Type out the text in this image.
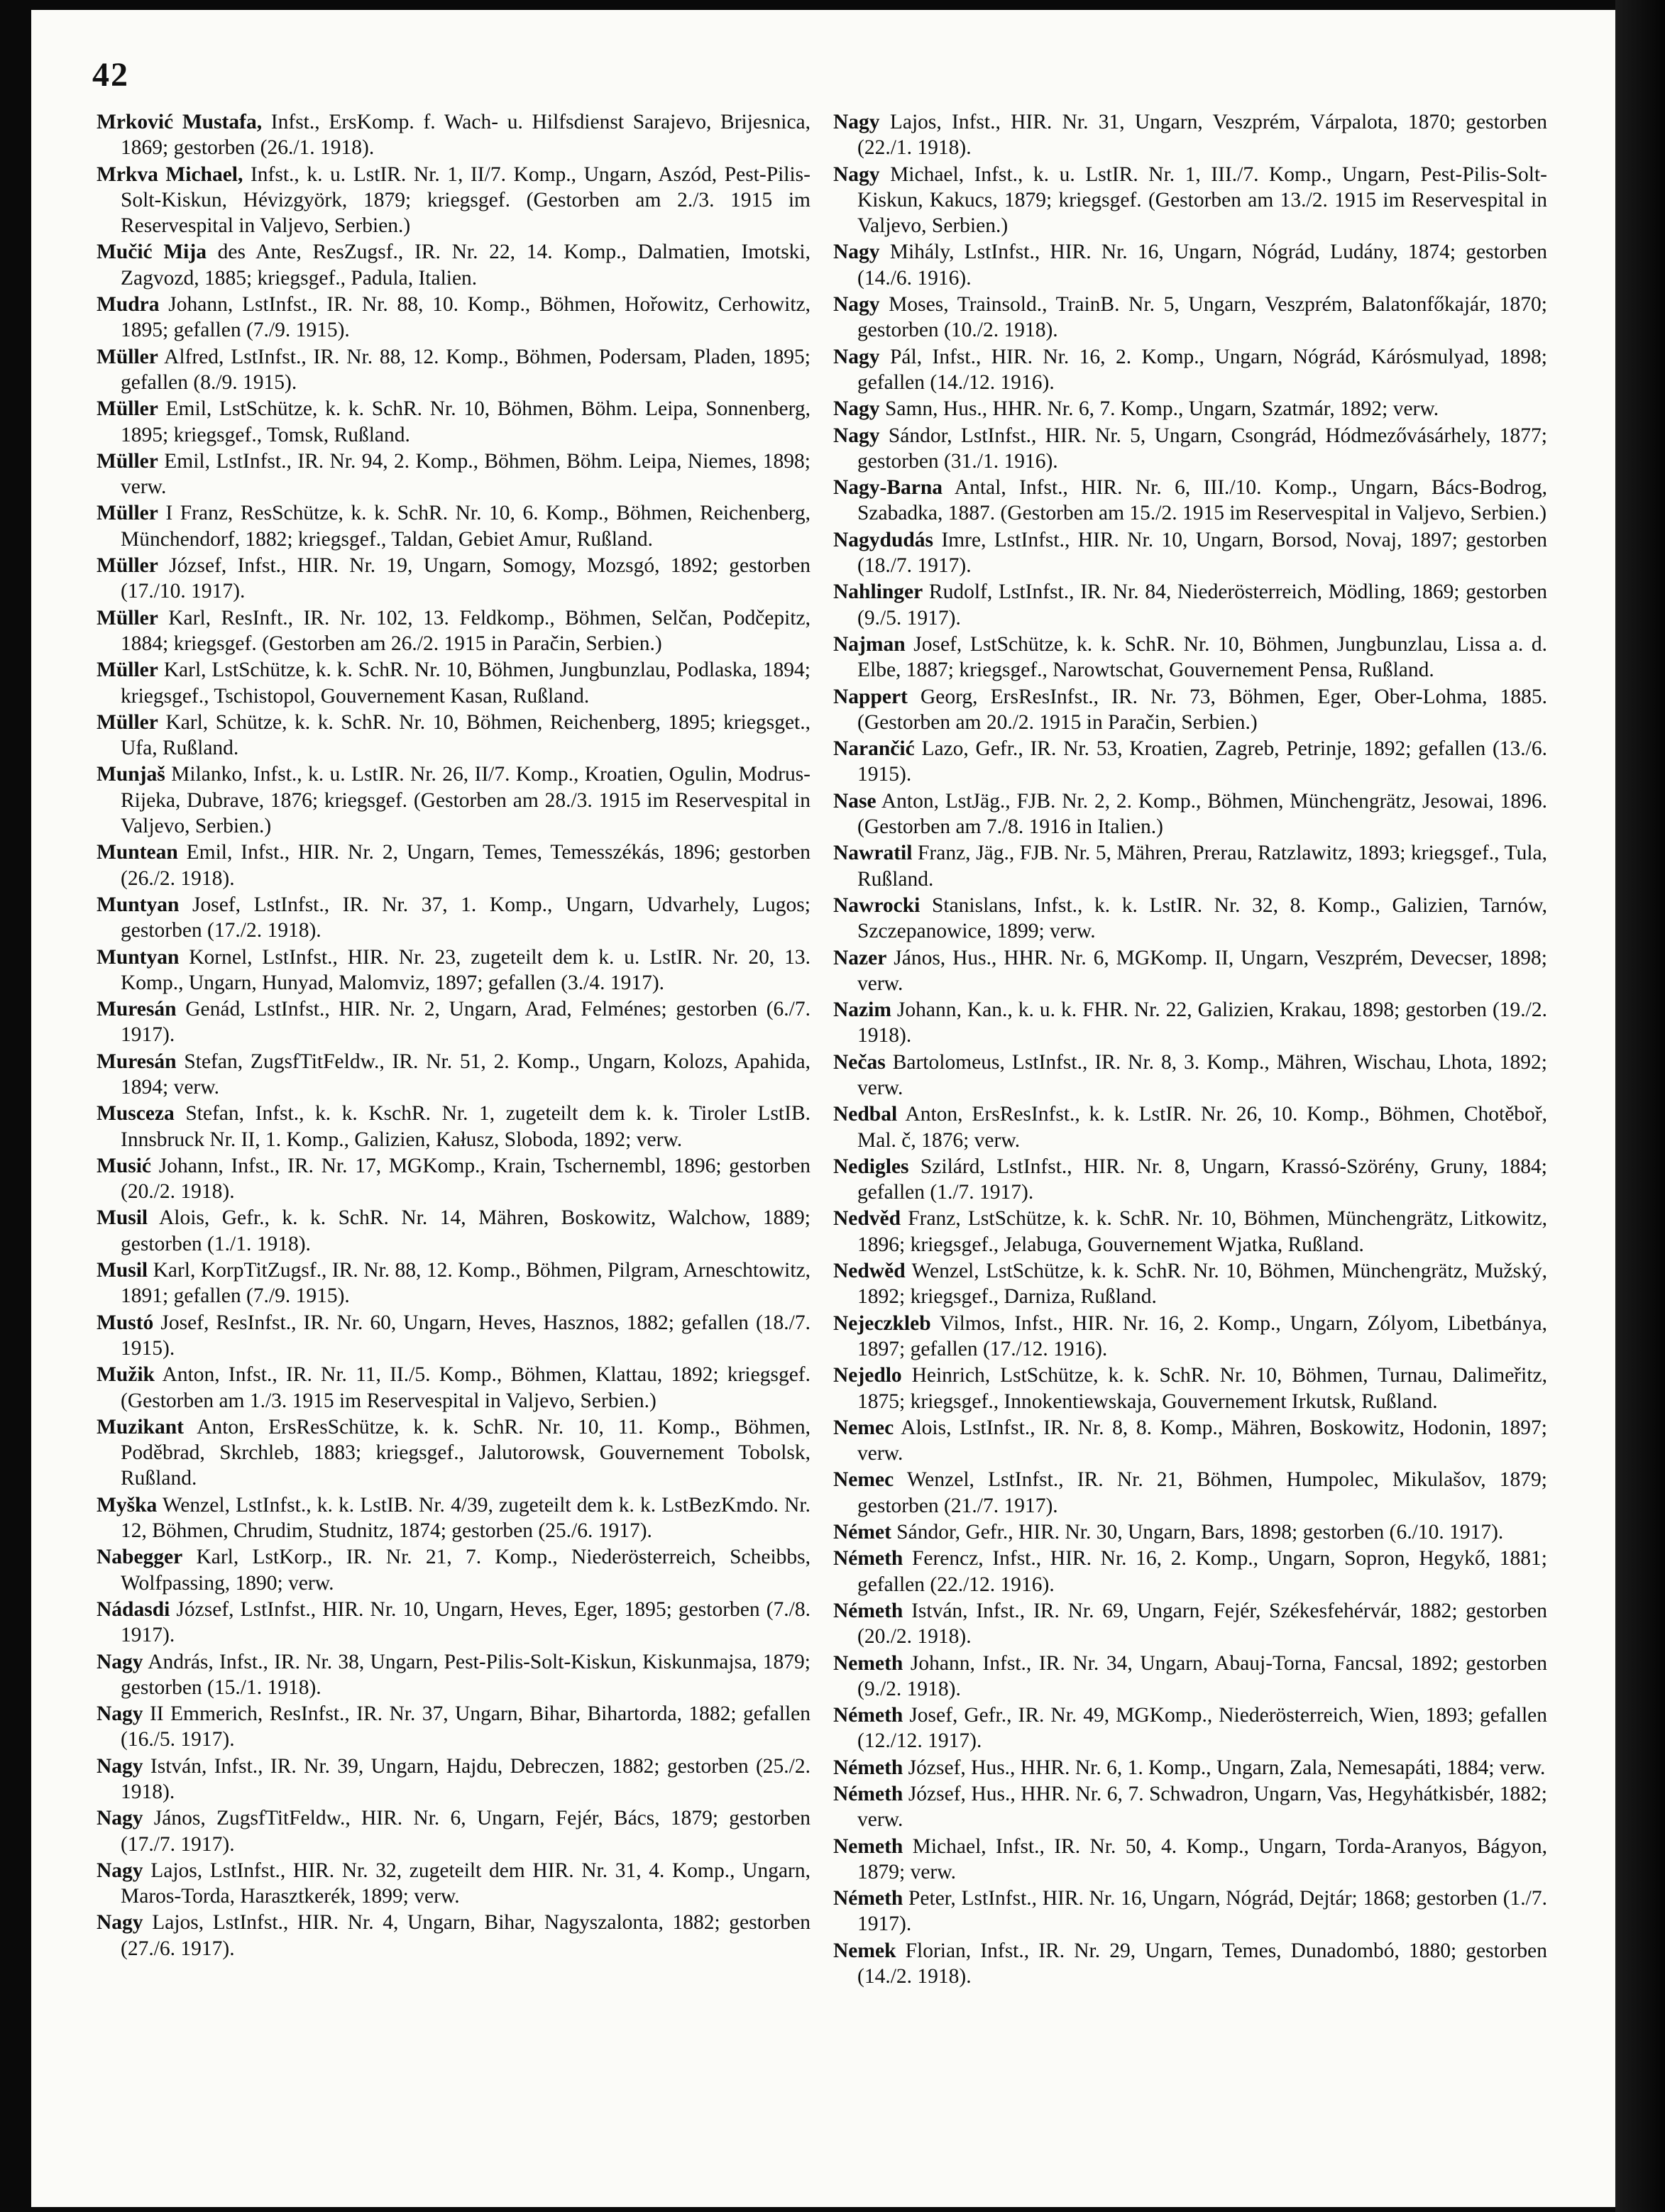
42

Mrković Mustafa, Infst., ErsKomp. f. Wach- u. Hilfsdienst Sarajevo, Brijesnica, 1869; gestorben (26./1. 1918).

Mrkva Michael, Infst., k. u. LstIR. Nr. 1, II/7. Komp., Ungarn, Aszód, Pest-Pilis-Solt-Kiskun, Hévizgyörk, 1879; kriegsgef. (Gestorben am 2./3. 1915 im Reservespital in Valjevo, Serbien.)

Mučić Mija des Ante, ResZugsf., IR. Nr. 22, 14. Komp., Dalmatien, Imotski, Zagvozd, 1885; kriegsgef., Padula, Italien.

Mudra Johann, LstInfst., IR. Nr. 88, 10. Komp., Böhmen, Hořowitz, Cerhowitz, 1895; gefallen (7./9. 1915).

Müller Alfred, LstInfst., IR. Nr. 88, 12. Komp., Böhmen, Podersam, Pladen, 1895; gefallen (8./9. 1915).

Müller Emil, LstSchütze, k. k. SchR. Nr. 10, Böhmen, Böhm. Leipa, Sonnenberg, 1895; kriegsgef., Tomsk, Rußland.

Müller Emil, LstInfst., IR. Nr. 94, 2. Komp., Böhmen, Böhm. Leipa, Niemes, 1898; verw.

Müller I Franz, ResSchütze, k. k. SchR. Nr. 10, 6. Komp., Böhmen, Reichenberg, Münchendorf, 1882; kriegsgef., Taldan, Gebiet Amur, Rußland.

Müller József, Infst., HIR. Nr. 19, Ungarn, Somogy, Mozsgó, 1892; gestorben (17./10. 1917).

Müller Karl, ResInft., IR. Nr. 102, 13. Feldkomp., Böhmen, Selčan, Podčepitz, 1884; kriegsgef. (Gestorben am 26./2. 1915 in Paračin, Serbien.)

Müller Karl, LstSchütze, k. k. SchR. Nr. 10, Böhmen, Jungbunzlau, Podlaska, 1894; kriegsgef., Tschistopol, Gouvernement Kasan, Rußland.

Müller Karl, Schütze, k. k. SchR. Nr. 10, Böhmen, Reichenberg, 1895; kriegsget., Ufa, Rußland.

Munjaš Milanko, Infst., k. u. LstIR. Nr. 26, II/7. Komp., Kroatien, Ogulin, Modrus-Rijeka, Dubrave, 1876; kriegsgef. (Gestorben am 28./3. 1915 im Reservespital in Valjevo, Serbien.)

Muntean Emil, Infst., HIR. Nr. 2, Ungarn, Temes, Temesszékás, 1896; gestorben (26./2. 1918).

Muntyan Josef, LstInfst., IR. Nr. 37, 1. Komp., Ungarn, Udvarhely, Lugos; gestorben (17./2. 1918).

Muntyan Kornel, LstInfst., HIR. Nr. 23, zugeteilt dem k. u. LstIR. Nr. 20, 13. Komp., Ungarn, Hunyad, Malomviz, 1897; gefallen (3./4. 1917).

Muresán Genád, LstInfst., HIR. Nr. 2, Ungarn, Arad, Felménes; gestorben (6./7. 1917).

Muresán Stefan, ZugsfTitFeldw., IR. Nr. 51, 2. Komp., Ungarn, Kolozs, Apahida, 1894; verw.

Musceza Stefan, Infst., k. k. KschR. Nr. 1, zugeteilt dem k. k. Tiroler LstIB. Innsbruck Nr. II, 1. Komp., Galizien, Kałusz, Sloboda, 1892; verw.

Musić Johann, Infst., IR. Nr. 17, MGKomp., Krain, Tschernembl, 1896; gestorben (20./2. 1918).

Musil Alois, Gefr., k. k. SchR. Nr. 14, Mähren, Boskowitz, Walchow, 1889; gestorben (1./1. 1918).

Musil Karl, KorpTitZugsf., IR. Nr. 88, 12. Komp., Böhmen, Pilgram, Arneschtowitz, 1891; gefallen (7./9. 1915).

Mustó Josef, ResInfst., IR. Nr. 60, Ungarn, Heves, Hasznos, 1882; gefallen (18./7. 1915).

Mužik Anton, Infst., IR. Nr. 11, II./5. Komp., Böhmen, Klattau, 1892; kriegsgef. (Gestorben am 1./3. 1915 im Reservespital in Valjevo, Serbien.)

Muzikant Anton, ErsResSchütze, k. k. SchR. Nr. 10, 11. Komp., Böhmen, Poděbrad, Skrchleb, 1883; kriegsgef., Jalutorowsk, Gouvernement Tobolsk, Rußland.

Myška Wenzel, LstInfst., k. k. LstIB. Nr. 4/39, zugeteilt dem k. k. LstBezKmdo. Nr. 12, Böhmen, Chrudim, Studnitz, 1874; gestorben (25./6. 1917).

Nabegger Karl, LstKorp., IR. Nr. 21, 7. Komp., Niederösterreich, Scheibbs, Wolfpassing, 1890; verw.

Nádasdi József, LstInfst., HIR. Nr. 10, Ungarn, Heves, Eger, 1895; gestorben (7./8. 1917).

Nagy András, Infst., IR. Nr. 38, Ungarn, Pest-Pilis-Solt-Kiskun, Kiskunmajsa, 1879; gestorben (15./1. 1918).

Nagy II Emmerich, ResInfst., IR. Nr. 37, Ungarn, Bihar, Bihartorda, 1882; gefallen (16./5. 1917).

Nagy István, Infst., IR. Nr. 39, Ungarn, Hajdu, Debreczen, 1882; gestorben (25./2. 1918).

Nagy János, ZugsfTitFeldw., HIR. Nr. 6, Ungarn, Fejér, Bács, 1879; gestorben (17./7. 1917).

Nagy Lajos, LstInfst., HIR. Nr. 32, zugeteilt dem HIR. Nr. 31, 4. Komp., Ungarn, Maros-Torda, Harasztkerék, 1899; verw.

Nagy Lajos, LstInfst., HIR. Nr. 4, Ungarn, Bihar, Nagyszalonta, 1882; gestorben (27./6. 1917).

Nagy Lajos, Infst., HIR. Nr. 31, Ungarn, Veszprém, Várpalota, 1870; gestorben (22./1. 1918).

Nagy Michael, Infst., k. u. LstIR. Nr. 1, III./7. Komp., Ungarn, Pest-Pilis-Solt-Kiskun, Kakucs, 1879; kriegsgef. (Gestorben am 13./2. 1915 im Reservespital in Valjevo, Serbien.)

Nagy Mihály, LstInfst., HIR. Nr. 16, Ungarn, Nógrád, Ludány, 1874; gestorben (14./6. 1916).

Nagy Moses, Trainsold., TrainB. Nr. 5, Ungarn, Veszprém, Balatonfőkajár, 1870; gestorben (10./2. 1918).

Nagy Pál, Infst., HIR. Nr. 16, 2. Komp., Ungarn, Nógrád, Kárósmulyad, 1898; gefallen (14./12. 1916).

Nagy Samn, Hus., HHR. Nr. 6, 7. Komp., Ungarn, Szatmár, 1892; verw.

Nagy Sándor, LstInfst., HIR. Nr. 5, Ungarn, Csongrád, Hódmezővásárhely, 1877; gestorben (31./1. 1916).

Nagy-Barna Antal, Infst., HIR. Nr. 6, III./10. Komp., Ungarn, Bács-Bodrog, Szabadka, 1887. (Gestorben am 15./2. 1915 im Reservespital in Valjevo, Serbien.)

Nagydudás Imre, LstInfst., HIR. Nr. 10, Ungarn, Borsod, Novaj, 1897; gestorben (18./7. 1917).

Nahlinger Rudolf, LstInfst., IR. Nr. 84, Niederösterreich, Mödling, 1869; gestorben (9./5. 1917).

Najman Josef, LstSchütze, k. k. SchR. Nr. 10, Böhmen, Jungbunzlau, Lissa a. d. Elbe, 1887; kriegsgef., Narowtschat, Gouvernement Pensa, Rußland.

Nappert Georg, ErsResInfst., IR. Nr. 73, Böhmen, Eger, Ober-Lohma, 1885. (Gestorben am 20./2. 1915 in Paračin, Serbien.)

Narančić Lazo, Gefr., IR. Nr. 53, Kroatien, Zagreb, Petrinje, 1892; gefallen (13./6. 1915).

Nase Anton, LstJäg., FJB. Nr. 2, 2. Komp., Böhmen, Münchengrätz, Jesowai, 1896. (Gestorben am 7./8. 1916 in Italien.)

Nawratil Franz, Jäg., FJB. Nr. 5, Mähren, Prerau, Ratzlawitz, 1893; kriegsgef., Tula, Rußland.

Nawrocki Stanislans, Infst., k. k. LstIR. Nr. 32, 8. Komp., Galizien, Tarnów, Szczepanowice, 1899; verw.

Nazer János, Hus., HHR. Nr. 6, MGKomp. II, Ungarn, Veszprém, Devecser, 1898; verw.

Nazim Johann, Kan., k. u. k. FHR. Nr. 22, Galizien, Krakau, 1898; gestorben (19./2. 1918).

Nečas Bartolomeus, LstInfst., IR. Nr. 8, 3. Komp., Mähren, Wischau, Lhota, 1892; verw.

Nedbal Anton, ErsResInfst., k. k. LstIR. Nr. 26, 10. Komp., Böhmen, Chotěboř, Mal. č, 1876; verw.

Nedigles Szilárd, LstInfst., HIR. Nr. 8, Ungarn, Krassó-Szörény, Gruny, 1884; gefallen (1./7. 1917).

Nedvěd Franz, LstSchütze, k. k. SchR. Nr. 10, Böhmen, Münchengrätz, Litkowitz, 1896; kriegsgef., Jelabuga, Gouvernement Wjatka, Rußland.

Nedwěd Wenzel, LstSchütze, k. k. SchR. Nr. 10, Böhmen, Münchengrätz, Mužský, 1892; kriegsgef., Darniza, Rußland.

Nejeczkleb Vilmos, Infst., HIR. Nr. 16, 2. Komp., Ungarn, Zólyom, Libetbánya, 1897; gefallen (17./12. 1916).

Nejedlo Heinrich, LstSchütze, k. k. SchR. Nr. 10, Böhmen, Turnau, Dalimeřitz, 1875; kriegsgef., Innokentiewskaja, Gouvernement Irkutsk, Rußland.

Nemec Alois, LstInfst., IR. Nr. 8, 8. Komp., Mähren, Boskowitz, Hodonin, 1897; verw.

Nemec Wenzel, LstInfst., IR. Nr. 21, Böhmen, Humpolec, Mikulašov, 1879; gestorben (21./7. 1917).

Német Sándor, Gefr., HIR. Nr. 30, Ungarn, Bars, 1898; gestorben (6./10. 1917).

Németh Ferencz, Infst., HIR. Nr. 16, 2. Komp., Ungarn, Sopron, Hegykő, 1881; gefallen (22./12. 1916).

Németh István, Infst., IR. Nr. 69, Ungarn, Fejér, Székesfehérvár, 1882; gestorben (20./2. 1918).

Nemeth Johann, Infst., IR. Nr. 34, Ungarn, Abauj-Torna, Fancsal, 1892; gestorben (9./2. 1918).

Németh Josef, Gefr., IR. Nr. 49, MGKomp., Niederösterreich, Wien, 1893; gefallen (12./12. 1917).

Németh József, Hus., HHR. Nr. 6, 1. Komp., Ungarn, Zala, Nemesapáti, 1884; verw.

Németh József, Hus., HHR. Nr. 6, 7. Schwadron, Ungarn, Vas, Hegyhátkisbér, 1882; verw.

Nemeth Michael, Infst., IR. Nr. 50, 4. Komp., Ungarn, Torda-Aranyos, Bágyon, 1879; verw.

Németh Peter, LstInfst., HIR. Nr. 16, Ungarn, Nógrád, Dejtár; 1868; gestorben (1./7. 1917).

Nemek Florian, Infst., IR. Nr. 29, Ungarn, Temes, Dunadombó, 1880; gestorben (14./2. 1918).
